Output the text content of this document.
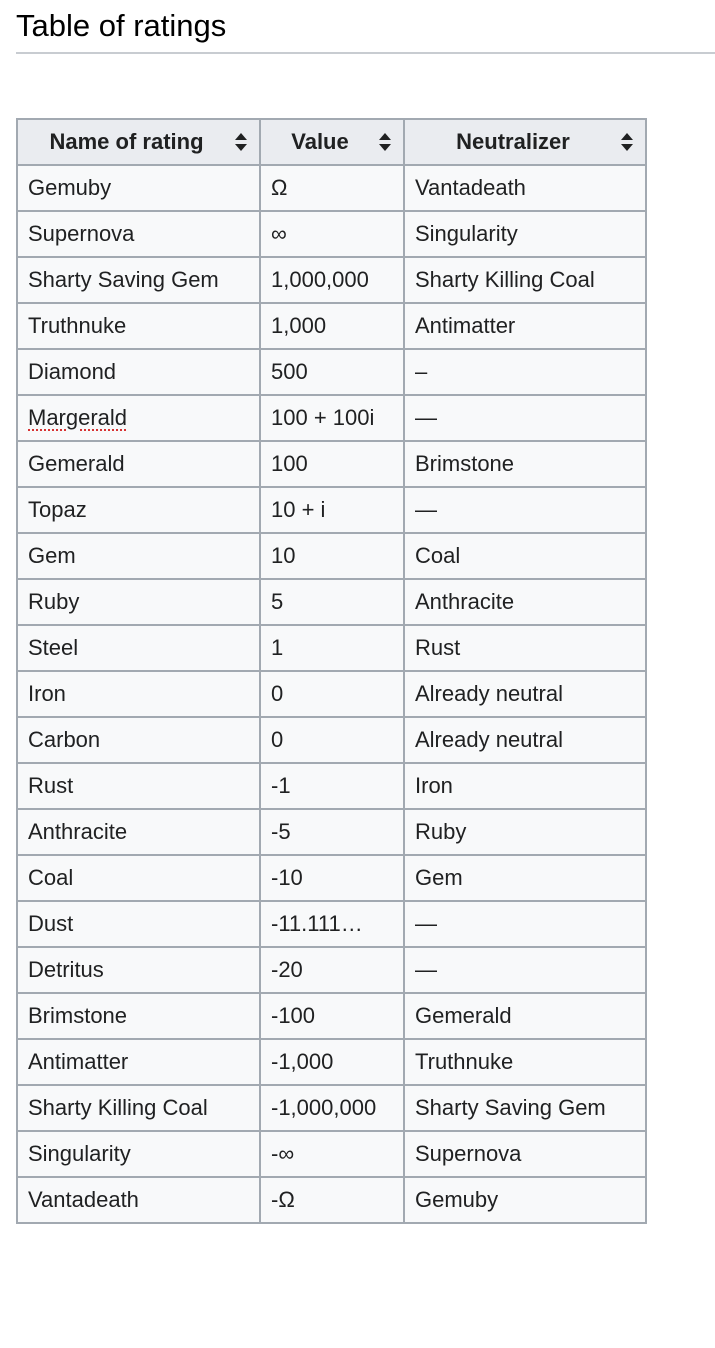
Table of ratings
Name of rating	Value	Neutralizer

Gemuby	Ω	Vantadeath
Supernova	∞	Singularity
Sharty Saving Gem	1,000,000	Sharty Killing Coal
Truthnuke	1,000	Antimatter
Diamond	500	–
Margerald	100 + 100i	—
Gemerald	100	Brimstone
Topaz	10 + i	—
Gem	10	Coal
Ruby	5	Anthracite
Steel	1	Rust
Iron	0	Already neutral
Carbon	0	Already neutral
Rust	-1	Iron
Anthracite	-5	Ruby
Coal	-10	Gem
Dust	-11.111…	—
Detritus	-20	—
Brimstone	-100	Gemerald
Antimatter	-1,000	Truthnuke
Sharty Killing Coal	-1,000,000	Sharty Saving Gem
Singularity	-∞	Supernova
Vantadeath	-Ω	Gemuby
